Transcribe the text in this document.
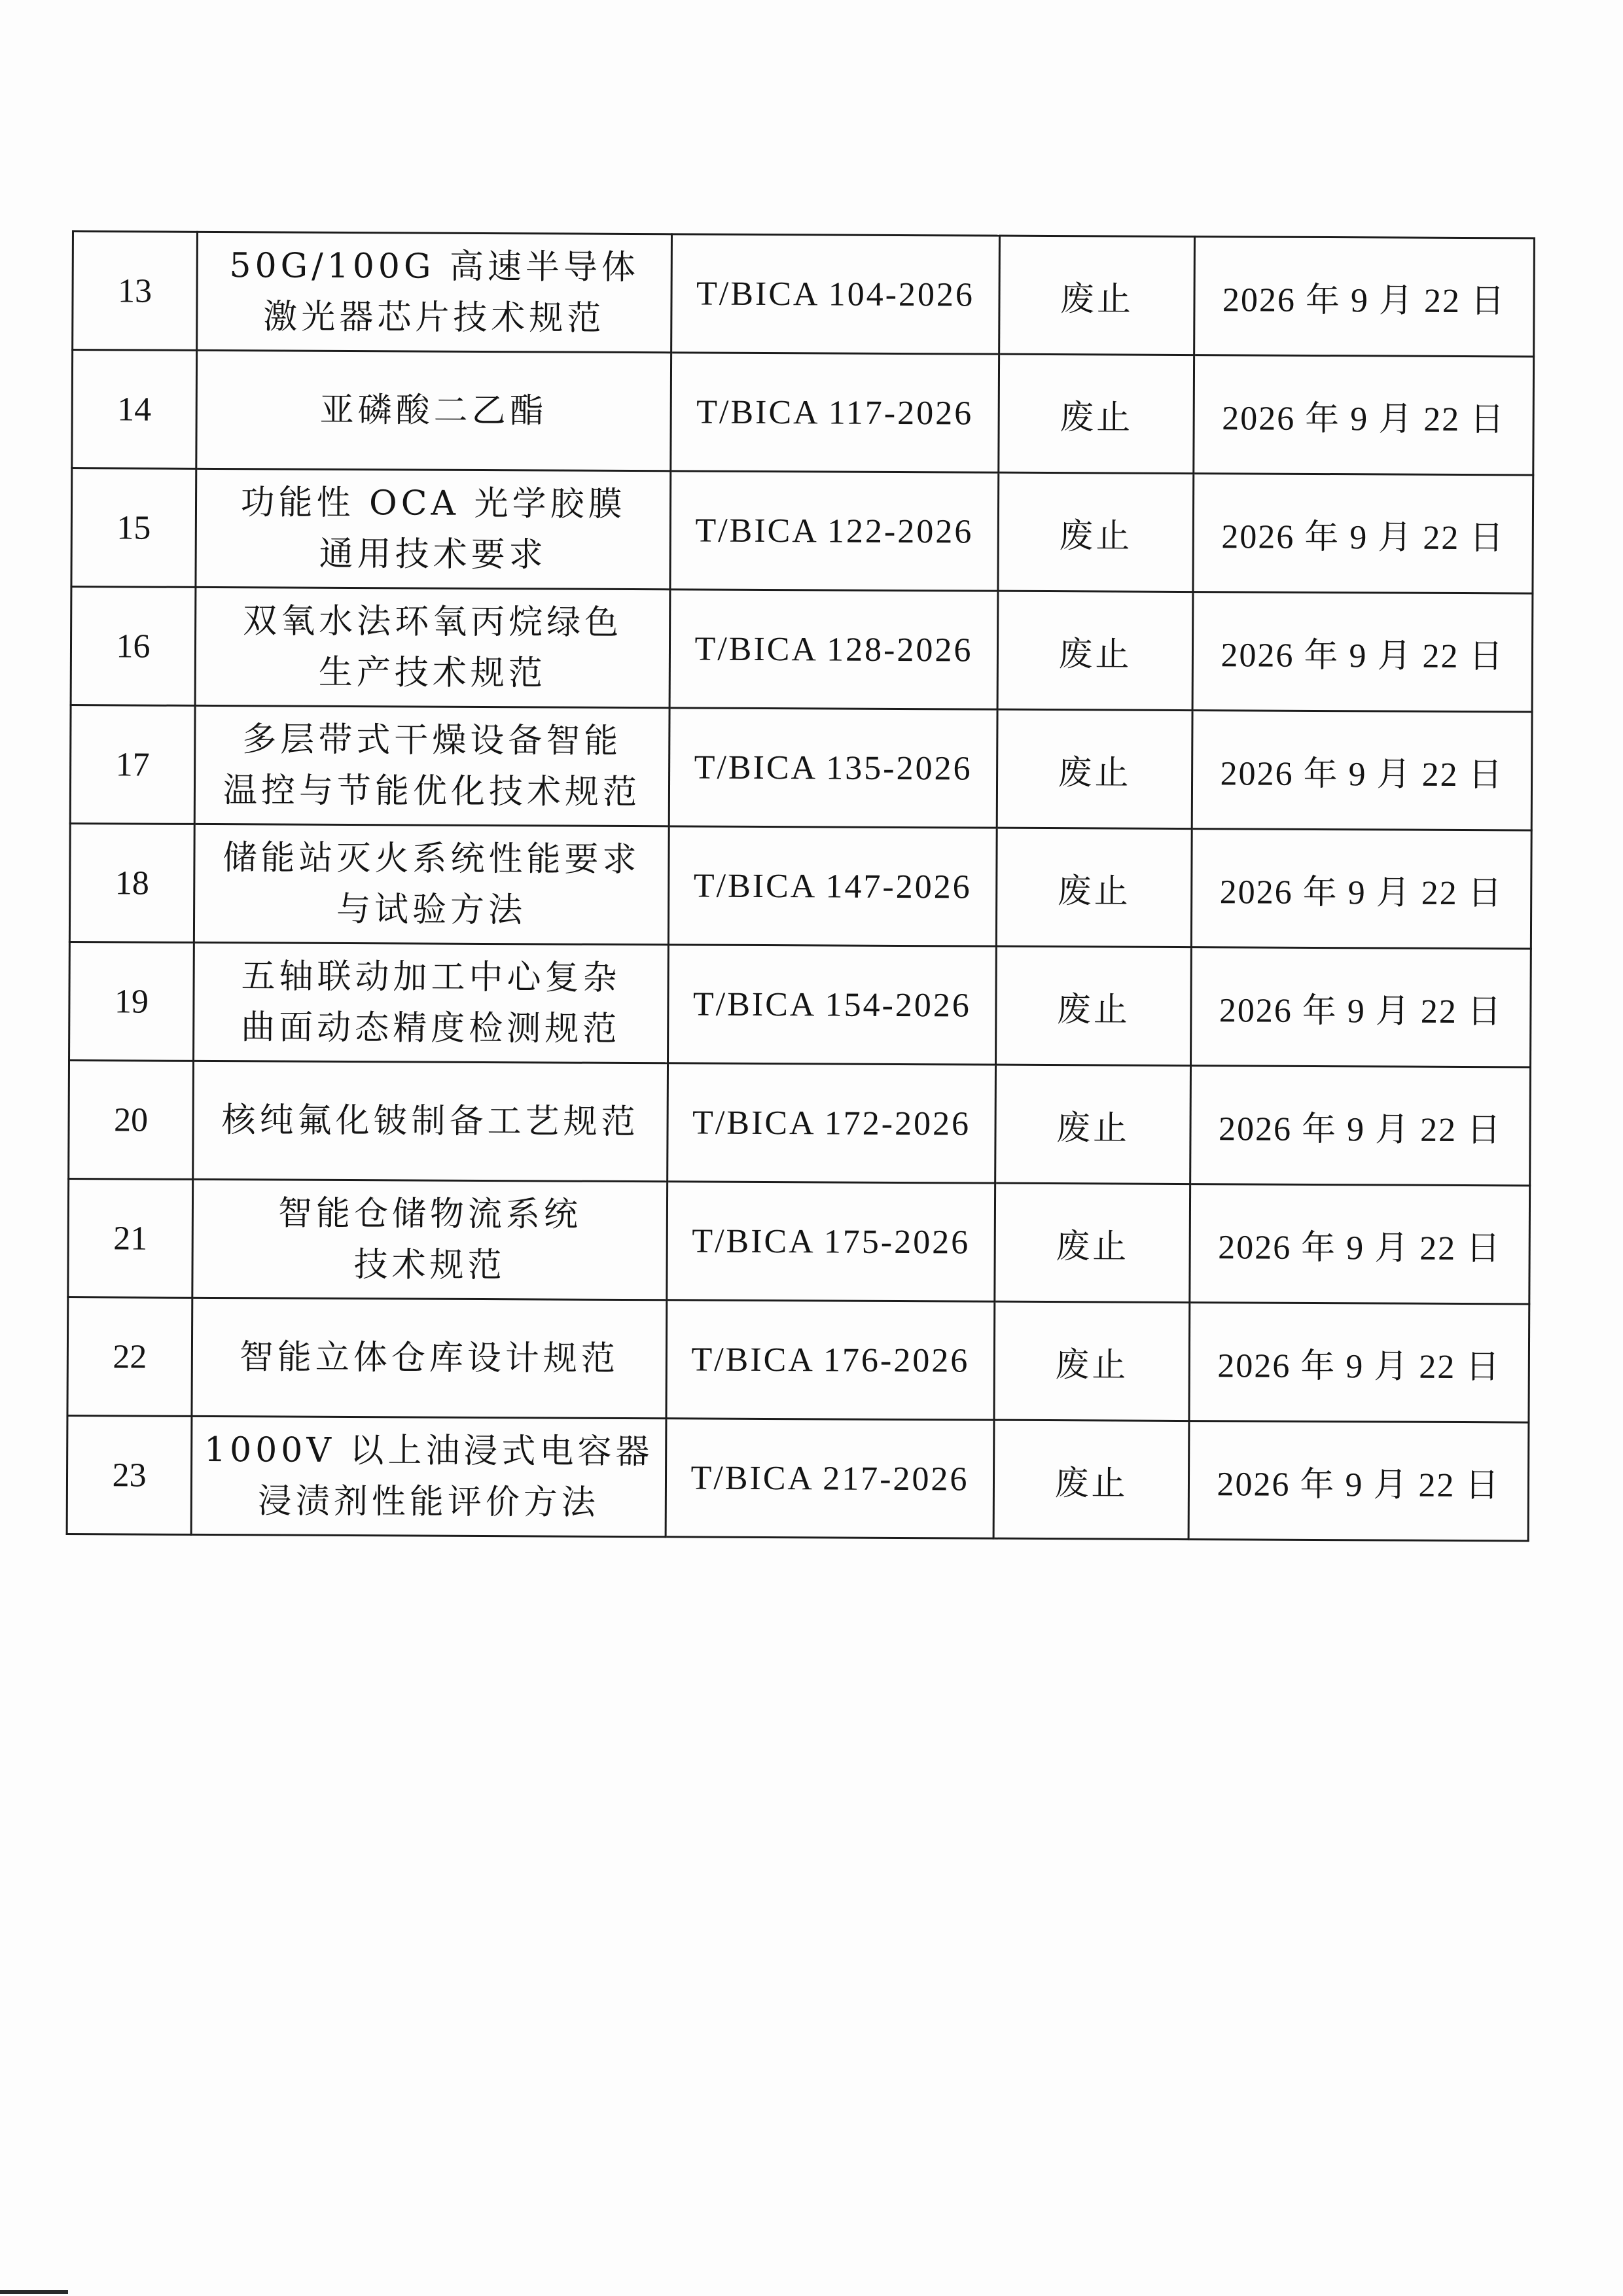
13	50G/100G 高速半导体
激光器芯片技术规范	T/BICA 104-2026	废止	2026 年 9 月 22 日
14	亚磷酸二乙酯	T/BICA 117-2026	废止	2026 年 9 月 22 日
15	功能性 OCA 光学胶膜
通用技术要求	T/BICA 122-2026	废止	2026 年 9 月 22 日
16	双氧水法环氧丙烷绿色
生产技术规范	T/BICA 128-2026	废止	2026 年 9 月 22 日
17	多层带式干燥设备智能
温控与节能优化技术规范	T/BICA 135-2026	废止	2026 年 9 月 22 日
18	储能站灭火系统性能要求
与试验方法	T/BICA 147-2026	废止	2026 年 9 月 22 日
19	五轴联动加工中心复杂
曲面动态精度检测规范	T/BICA 154-2026	废止	2026 年 9 月 22 日
20	核纯氟化铍制备工艺规范	T/BICA 172-2026	废止	2026 年 9 月 22 日
21	智能仓储物流系统
技术规范	T/BICA 175-2026	废止	2026 年 9 月 22 日
22	智能立体仓库设计规范	T/BICA 176-2026	废止	2026 年 9 月 22 日
23	1000V 以上油浸式电容器
浸渍剂性能评价方法	T/BICA 217-2026	废止	2026 年 9 月 22 日
